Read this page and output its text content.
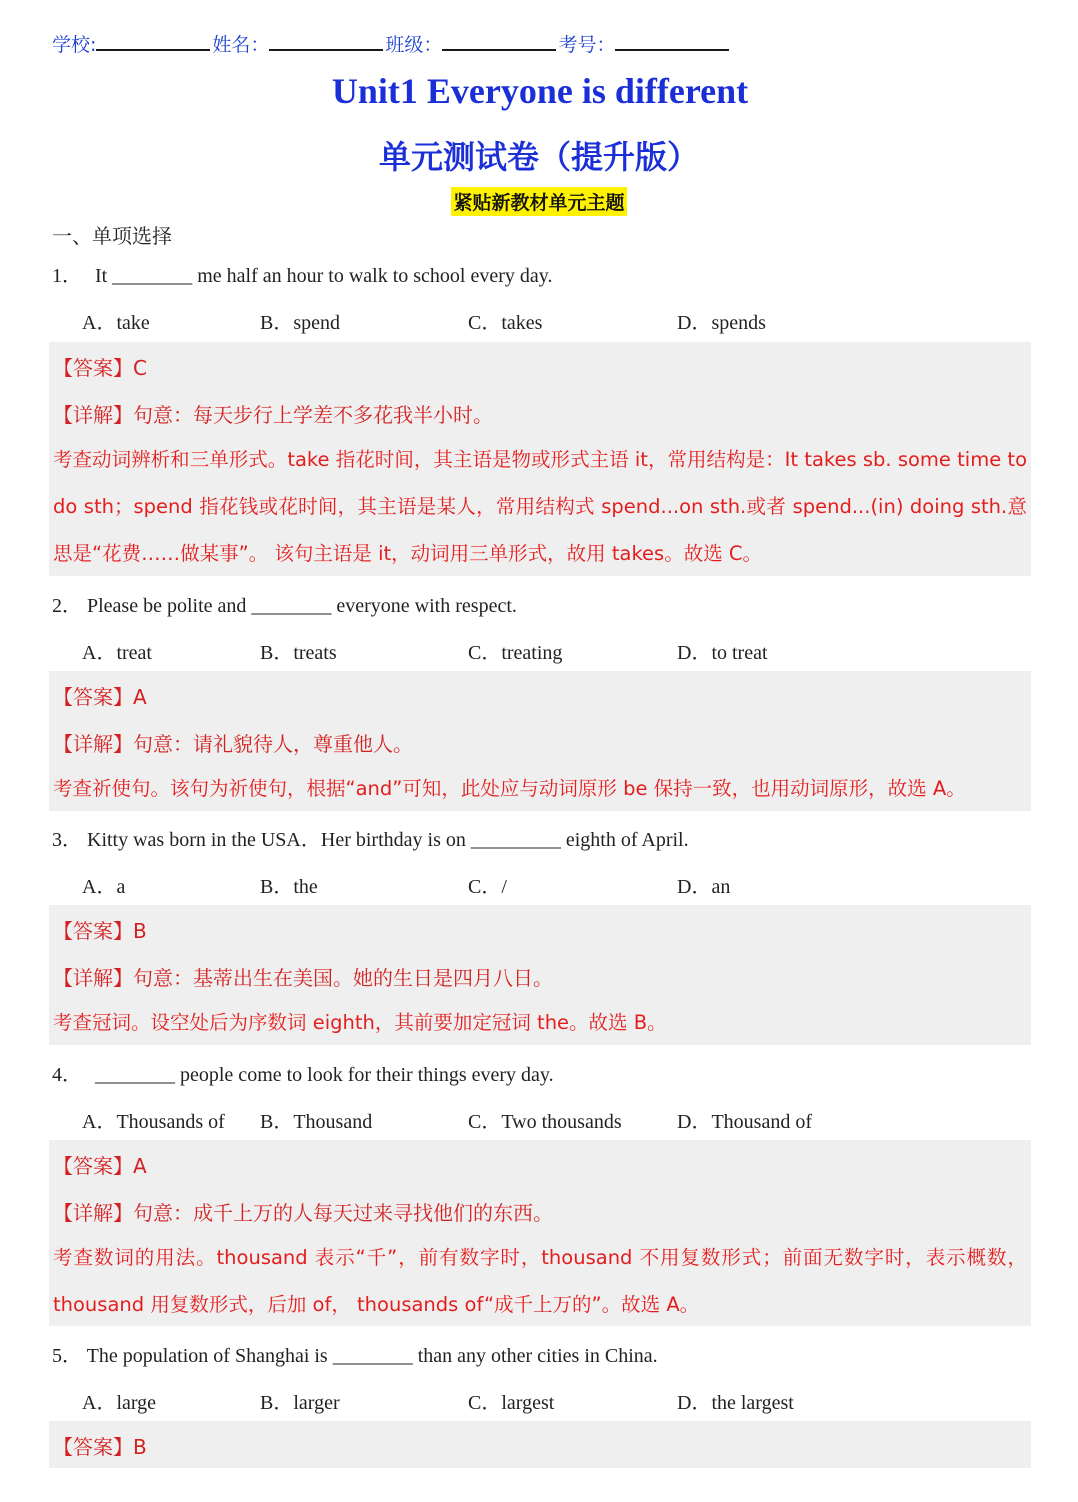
学校:	姓名：	班级：	考号：
Unit1 Everyone is different
单元测试卷（提升版）
紧贴新教材单元主题
一、单项选择
1． It ________ me half an hour to walk to school every day.
A．take	B．spend	C．takes	D．spends
【答案】C
【详解】句意：每天步行上学差不多花我半小时。
考查动词辨析和三单形式。take 指花时间，其主语是物或形式主语 it，常用结构是：It takes sb. some time to do sth；spend 指花钱或花时间，其主语是某人，常用结构式 spend...on sth.或者 spend...(in) doing sth.意思是“花费……做某事”。 该句主语是 it，动词用三单形式，故用 takes。故选 C。
2． Please be polite and ________ everyone with respect.
A．treat	B．treats	C．treating	D．to treat
【答案】A
【详解】句意：请礼貌待人，尊重他人。
考查祈使句。该句为祈使句，根据“and”可知，此处应与动词原形 be 保持一致，也用动词原形，故选 A。
3． Kitty was born in the USA．Her birthday is on _________ eighth of April.
A．a	B．the	C．/	D．an
【答案】B
【详解】句意：基蒂出生在美国。她的生日是四月八日。
考查冠词。设空处后为序数词 eighth，其前要加定冠词 the。故选 B。
4． ________ people come to look for their things every day.
A．Thousands of B．Thousand	C．Two thousands	D．Thousand of
【答案】A
【详解】句意：成千上万的人每天过来寻找他们的东西。
考查数词的用法。thousand 表示“千”，前有数字时，thousand 不用复数形式；前面无数字时，表示概数，thousand 用复数形式，后加 of， thousands of“成千上万的”。故选 A。
5． The population of Shanghai is ________ than any other cities in China.
A．large	B．larger	C．largest	D．the largest
【答案】B
